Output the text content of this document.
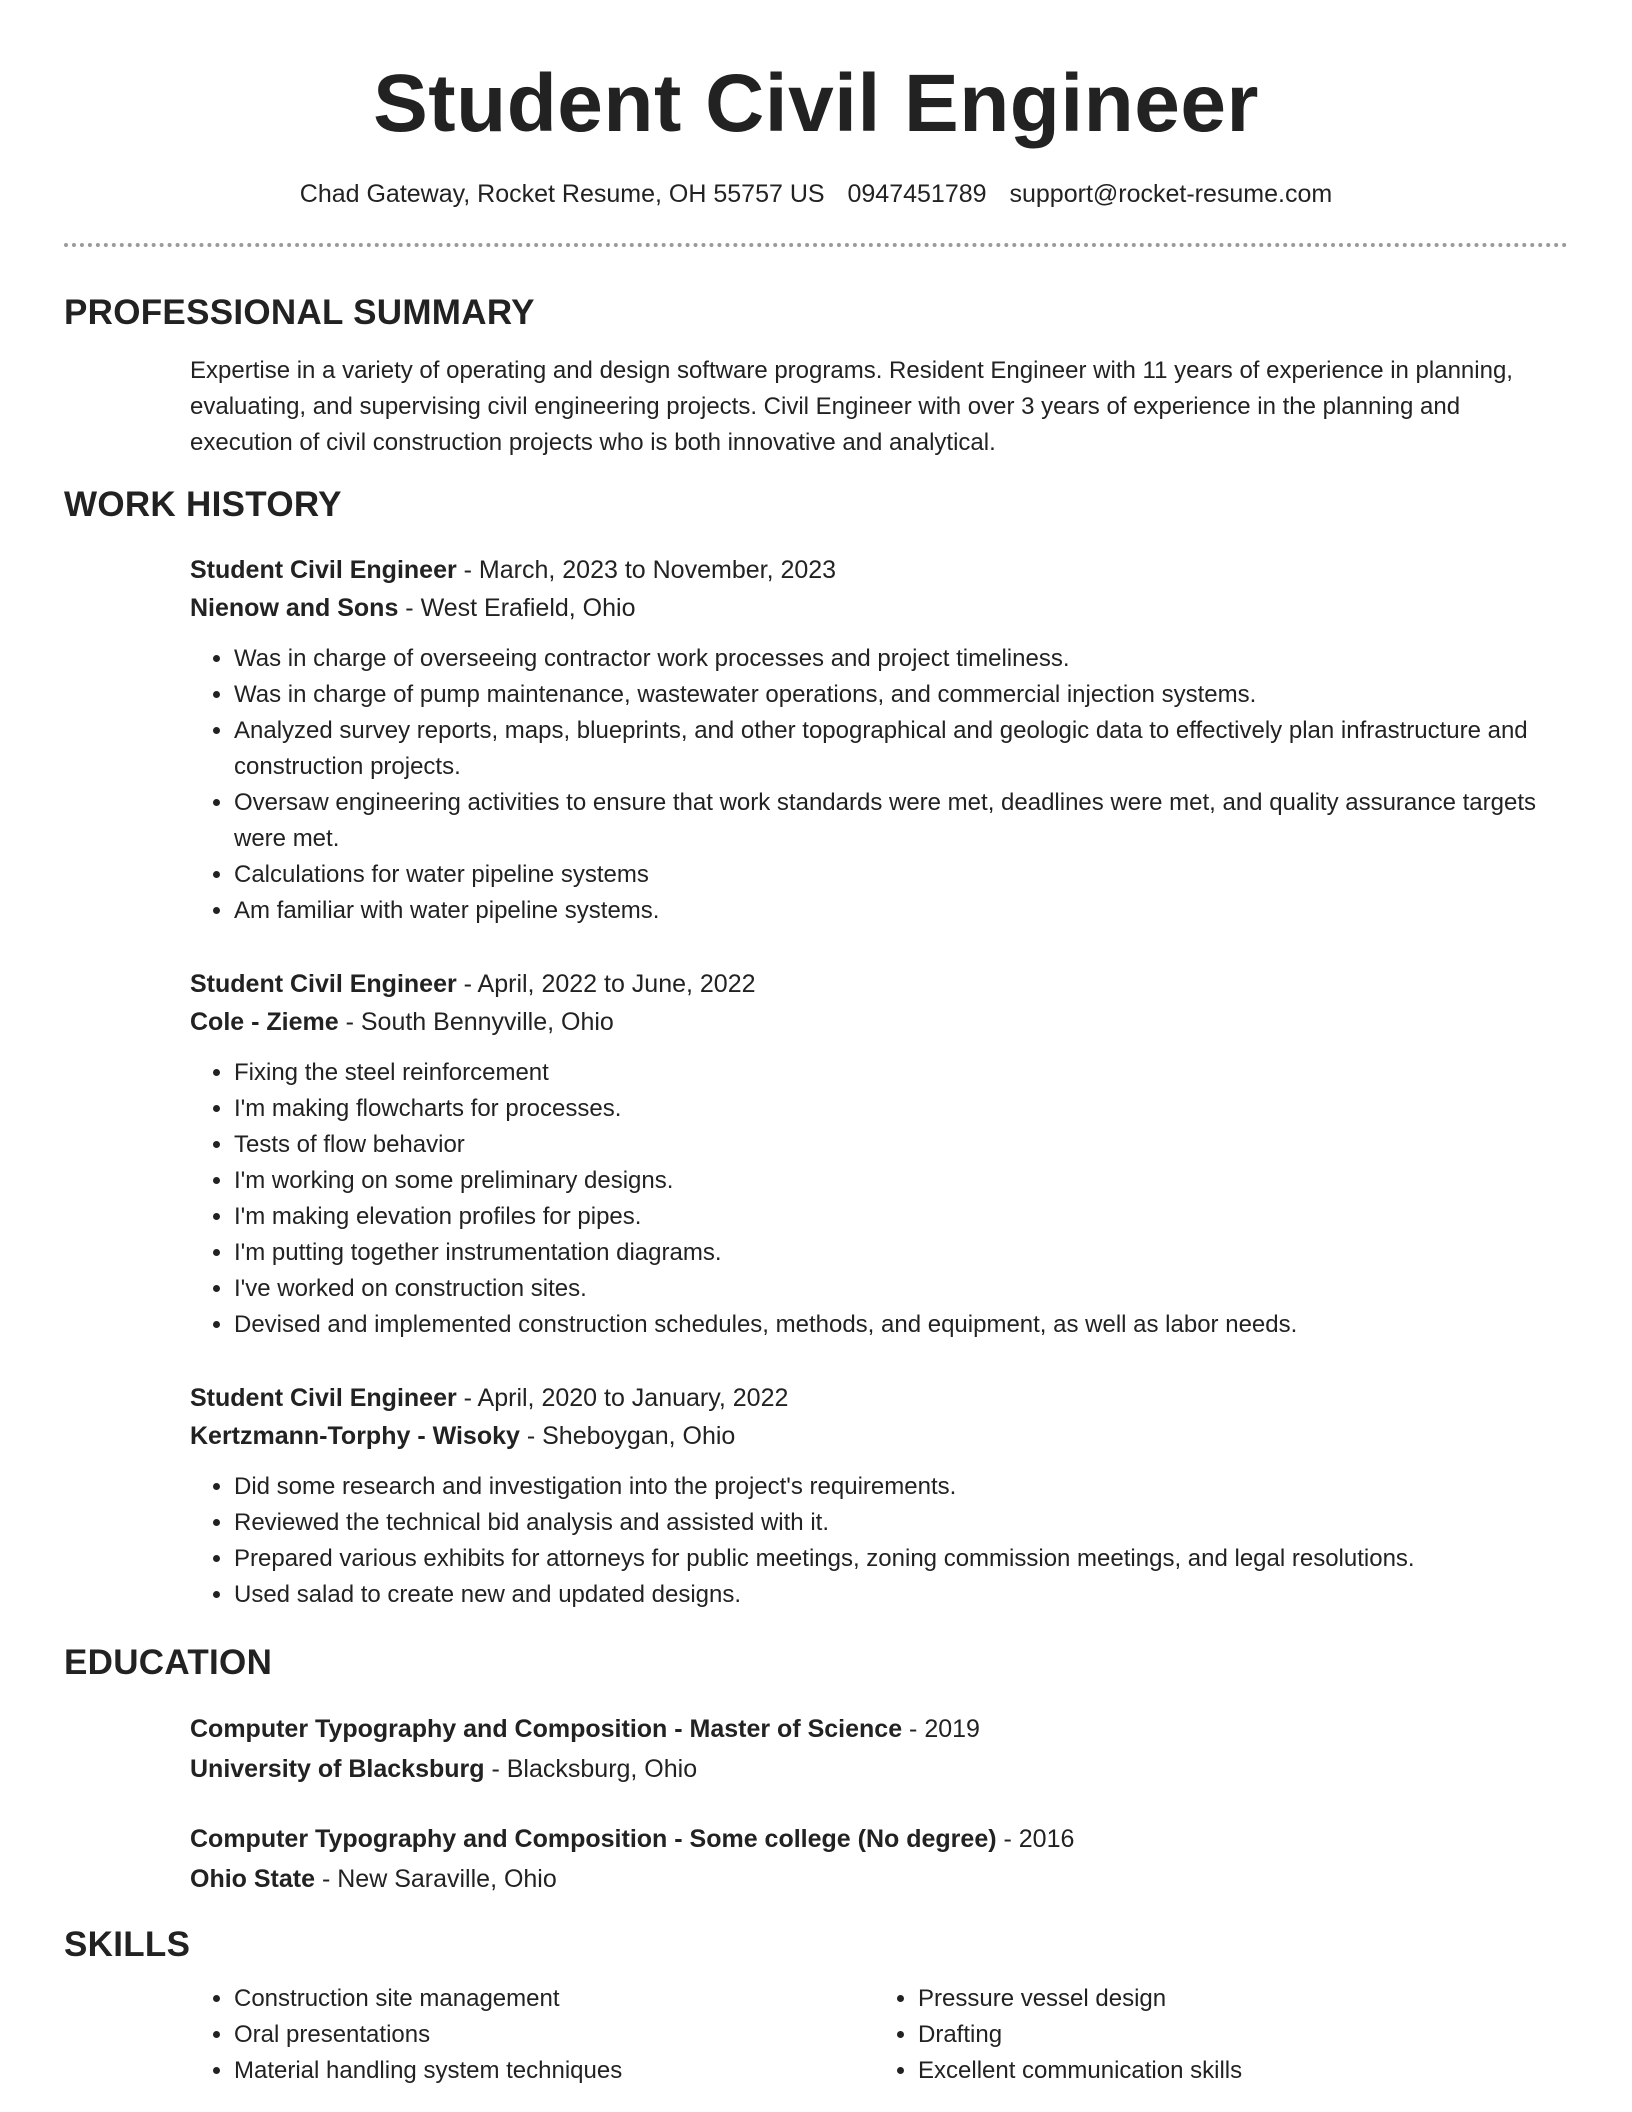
Student Civil Engineer
Chad Gateway, Rocket Resume, OH 55757 US 0947451789 support@rocket-resume.com
PROFESSIONAL SUMMARY

Expertise in a variety of operating and design software programs. Resident Engineer with 11 years of experience in planning, evaluating, and supervising civil engineering projects. Civil Engineer with over 3 years of experience in the planning and execution of civil construction projects who is both innovative and analytical.

WORK HISTORY
Student Civil Engineer - March, 2023 to November, 2023
Nienow and Sons - West Erafield, Ohio
• Was in charge of overseeing contractor work processes and project timeliness.
• Was in charge of pump maintenance, wastewater operations, and commercial injection systems.
• Analyzed survey reports, maps, blueprints, and other topographical and geologic data to effectively plan infrastructure and construction projects.
• Oversaw engineering activities to ensure that work standards were met, deadlines were met, and quality assurance targets were met.
• Calculations for water pipeline systems
• Am familiar with water pipeline systems.
Student Civil Engineer - April, 2022 to June, 2022
Cole - Zieme - South Bennyville, Ohio
• Fixing the steel reinforcement
• I'm making flowcharts for processes.
• Tests of flow behavior
• I'm working on some preliminary designs.
• I'm making elevation profiles for pipes.
• I'm putting together instrumentation diagrams.
• I've worked on construction sites.
• Devised and implemented construction schedules, methods, and equipment, as well as labor needs.
Student Civil Engineer - April, 2020 to January, 2022
Kertzmann-Torphy - Wisoky - Sheboygan, Ohio
• Did some research and investigation into the project's requirements.
• Reviewed the technical bid analysis and assisted with it.
• Prepared various exhibits for attorneys for public meetings, zoning commission meetings, and legal resolutions.
• Used salad to create new and updated designs.
EDUCATION
Computer Typography and Composition - Master of Science - 2019
University of Blacksburg - Blacksburg, Ohio
Computer Typography and Composition - Some college (No degree) - 2016
Ohio State - New Saraville, Ohio
SKILLS
• Construction site management
• Oral presentations
• Material handling system techniques
• Pressure vessel design
• Drafting
• Excellent communication skills
